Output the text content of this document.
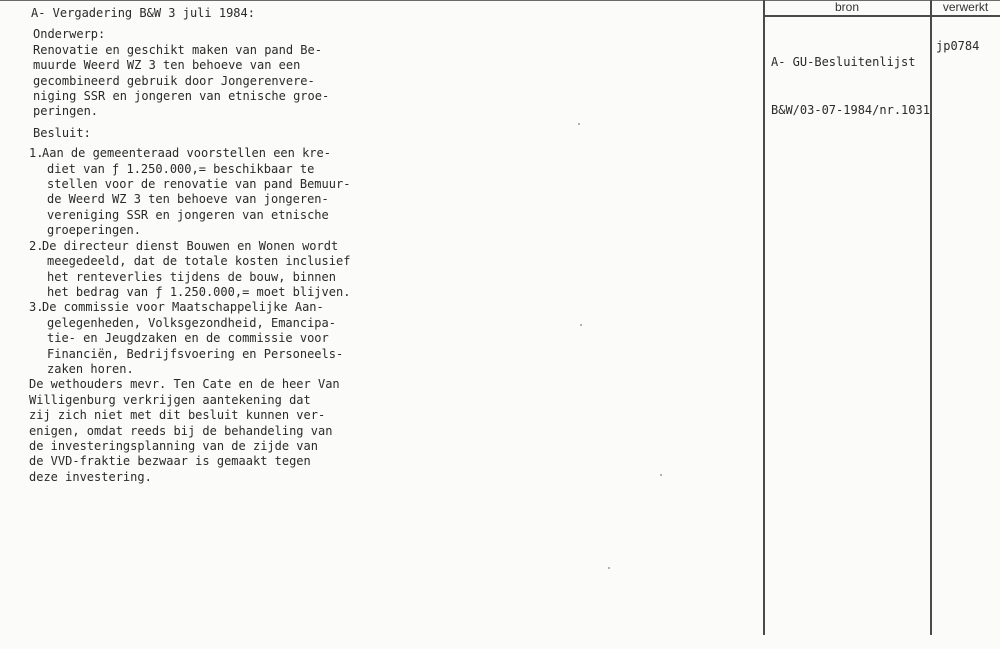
bron	verwerkt

A- GU-Besluitenlijst

B&W/03-07-1984/nr.1031

jp0784
A- Vergadering B&W 3 juli 1984:
Onderwerp:
Renovatie en geschikt maken van pand Be-
muurde Weerd WZ 3 ten behoeve van een
gecombineerd gebruik door Jongerenvere-
niging SSR en jongeren van etnische groe-
peringen.
Besluit:
1.
Aan de gemeenteraad voorstellen een kre-
diet van ƒ 1.250.000,= beschikbaar te
stellen voor de renovatie van pand Bemuur-
de Weerd WZ 3 ten behoeve van jongeren-
vereniging SSR en jongeren van etnische
groeperingen.
2.
De directeur dienst Bouwen en Wonen wordt
meegedeeld, dat de totale kosten inclusief
het renteverlies tijdens de bouw, binnen
het bedrag van ƒ 1.250.000,= moet blijven.
3.
De commissie voor Maatschappelijke Aan-
gelegenheden, Volksgezondheid, Emancipa-
tie- en Jeugdzaken en de commissie voor
Financiën, Bedrijfsvoering en Personeels-
zaken horen.
De wethouders mevr. Ten Cate en de heer Van
Willigenburg verkrijgen aantekening dat
zij zich niet met dit besluit kunnen ver-
enigen, omdat reeds bij de behandeling van
de investeringsplanning van de zijde van
de VVD-fraktie bezwaar is gemaakt tegen
deze investering.
